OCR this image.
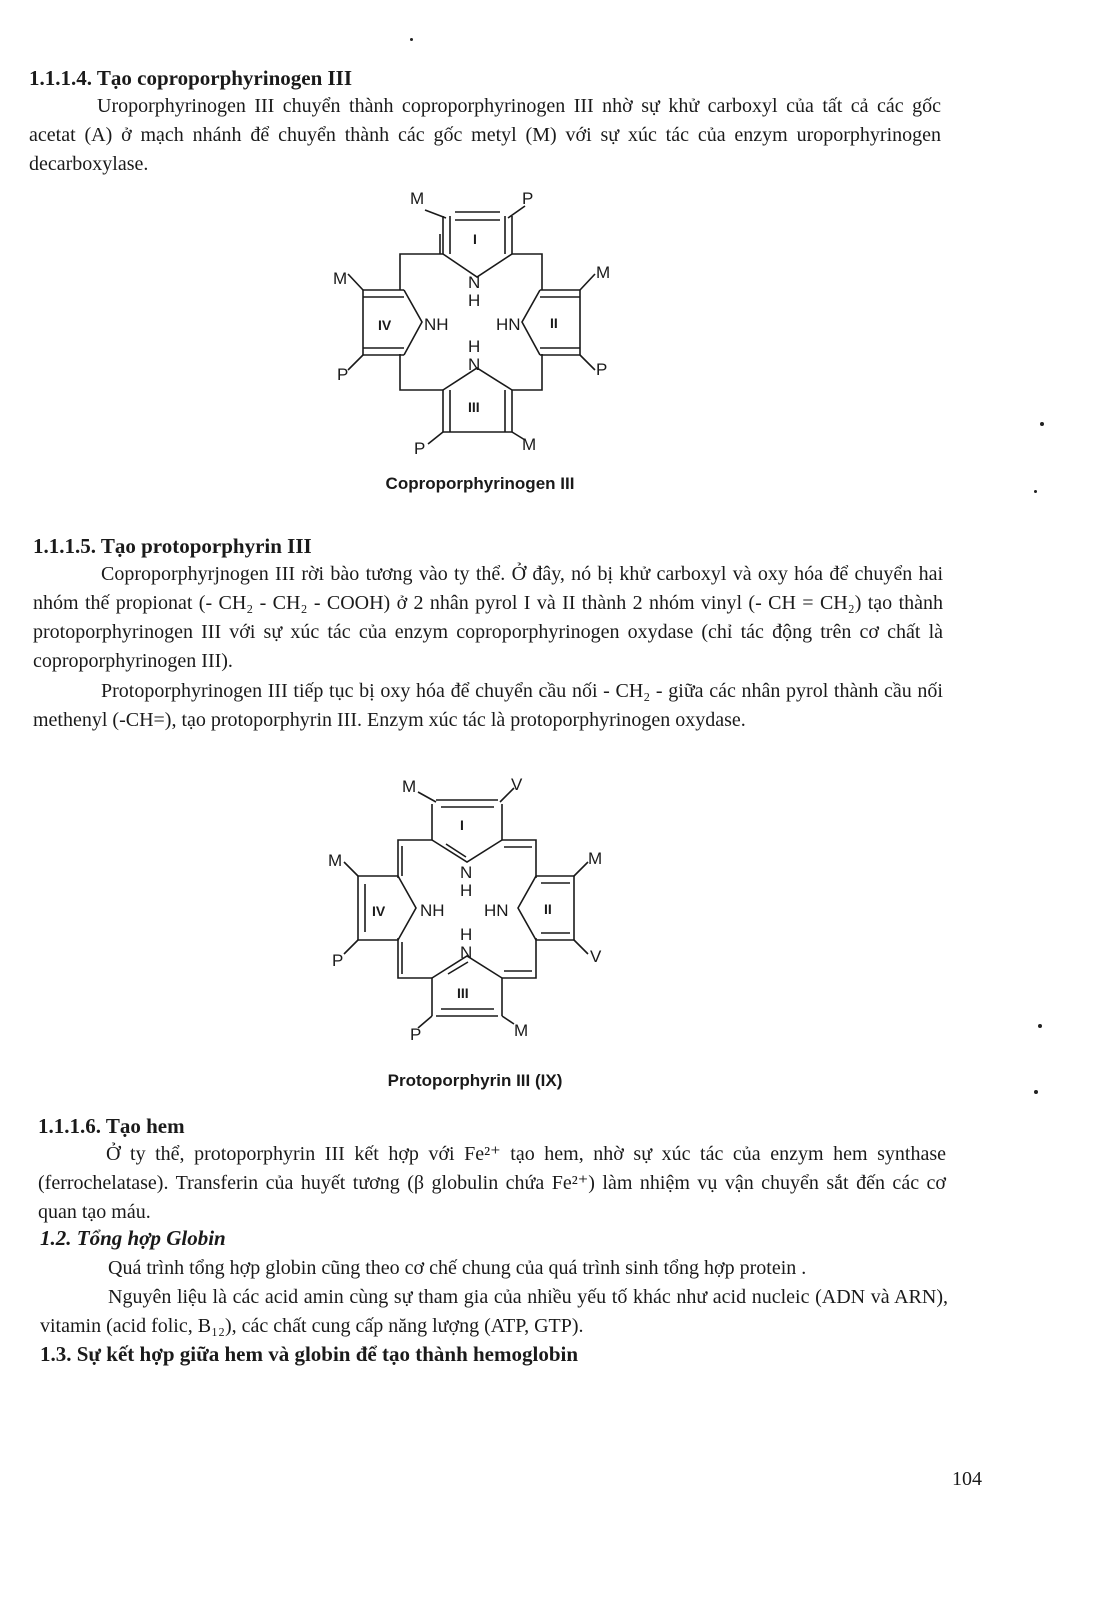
1.1.1.4. Tạo coproporphyrinogen III

Uroporphyrinogen III chuyển thành coproporphyrinogen III nhờ sự khử carboxyl của tất cả các gốc acetat (A) ở mạch nhánh để chuyển thành các gốc metyl (M) với sự xúc tác của enzym uroporphyrinogen decarboxylase.

I
M	P
N
H
IV
M
P
NH	II
M
P
HN
III
H
N
P	M

Coproporphyrinogen III

1.1.1.5. Tạo protoporphyrin III

Coproporphyrjnogen III rời bào tương vào ty thể. Ở đây, nó bị khử carboxyl và oxy hóa để chuyển hai nhóm thế propionat (- CH₂ - CH₂ - COOH) ở 2 nhân pyrol I và II thành 2 nhóm vinyl (- CH = CH₂) tạo thành protoporphyrinogen III với sự xúc tác của enzym coproporphyrinogen oxydase (chỉ tác động trên cơ chất là coproporphyrinogen III).

Protoporphyrinogen III tiếp tục bị oxy hóa để chuyển cầu nối - CH₂ - giữa các nhân pyrol thành cầu nối methenyl (-CH=), tạo protoporphyrin III. Enzym xúc tác là protoporphyrinogen oxydase.

I
M	V
N
H
IV
M
P
NH	II
M
V
HN
III
H
N
P	M

Protoporphyrin III (IX)

1.1.1.6. Tạo hem

Ở ty thể, protoporphyrin III kết hợp với Fe²⁺ tạo hem, nhờ sự xúc tác của enzym hem synthase (ferrochelatase). Transferin của huyết tương (β globulin chứa Fe²⁺) làm nhiệm vụ vận chuyển sắt đến các cơ quan tạo máu.

1.2. Tổng hợp Globin

Quá trình tổng hợp globin cũng theo cơ chế chung của quá trình sinh tổng hợp protein .

Nguyên liệu là các acid amin cùng sự tham gia của nhiều yếu tố khác như acid nucleic (ADN và ARN), vitamin (acid folic, B₁₂), các chất cung cấp năng lượng (ATP, GTP).

1.3. Sự kết hợp giữa hem và globin để tạo thành hemoglobin

104
